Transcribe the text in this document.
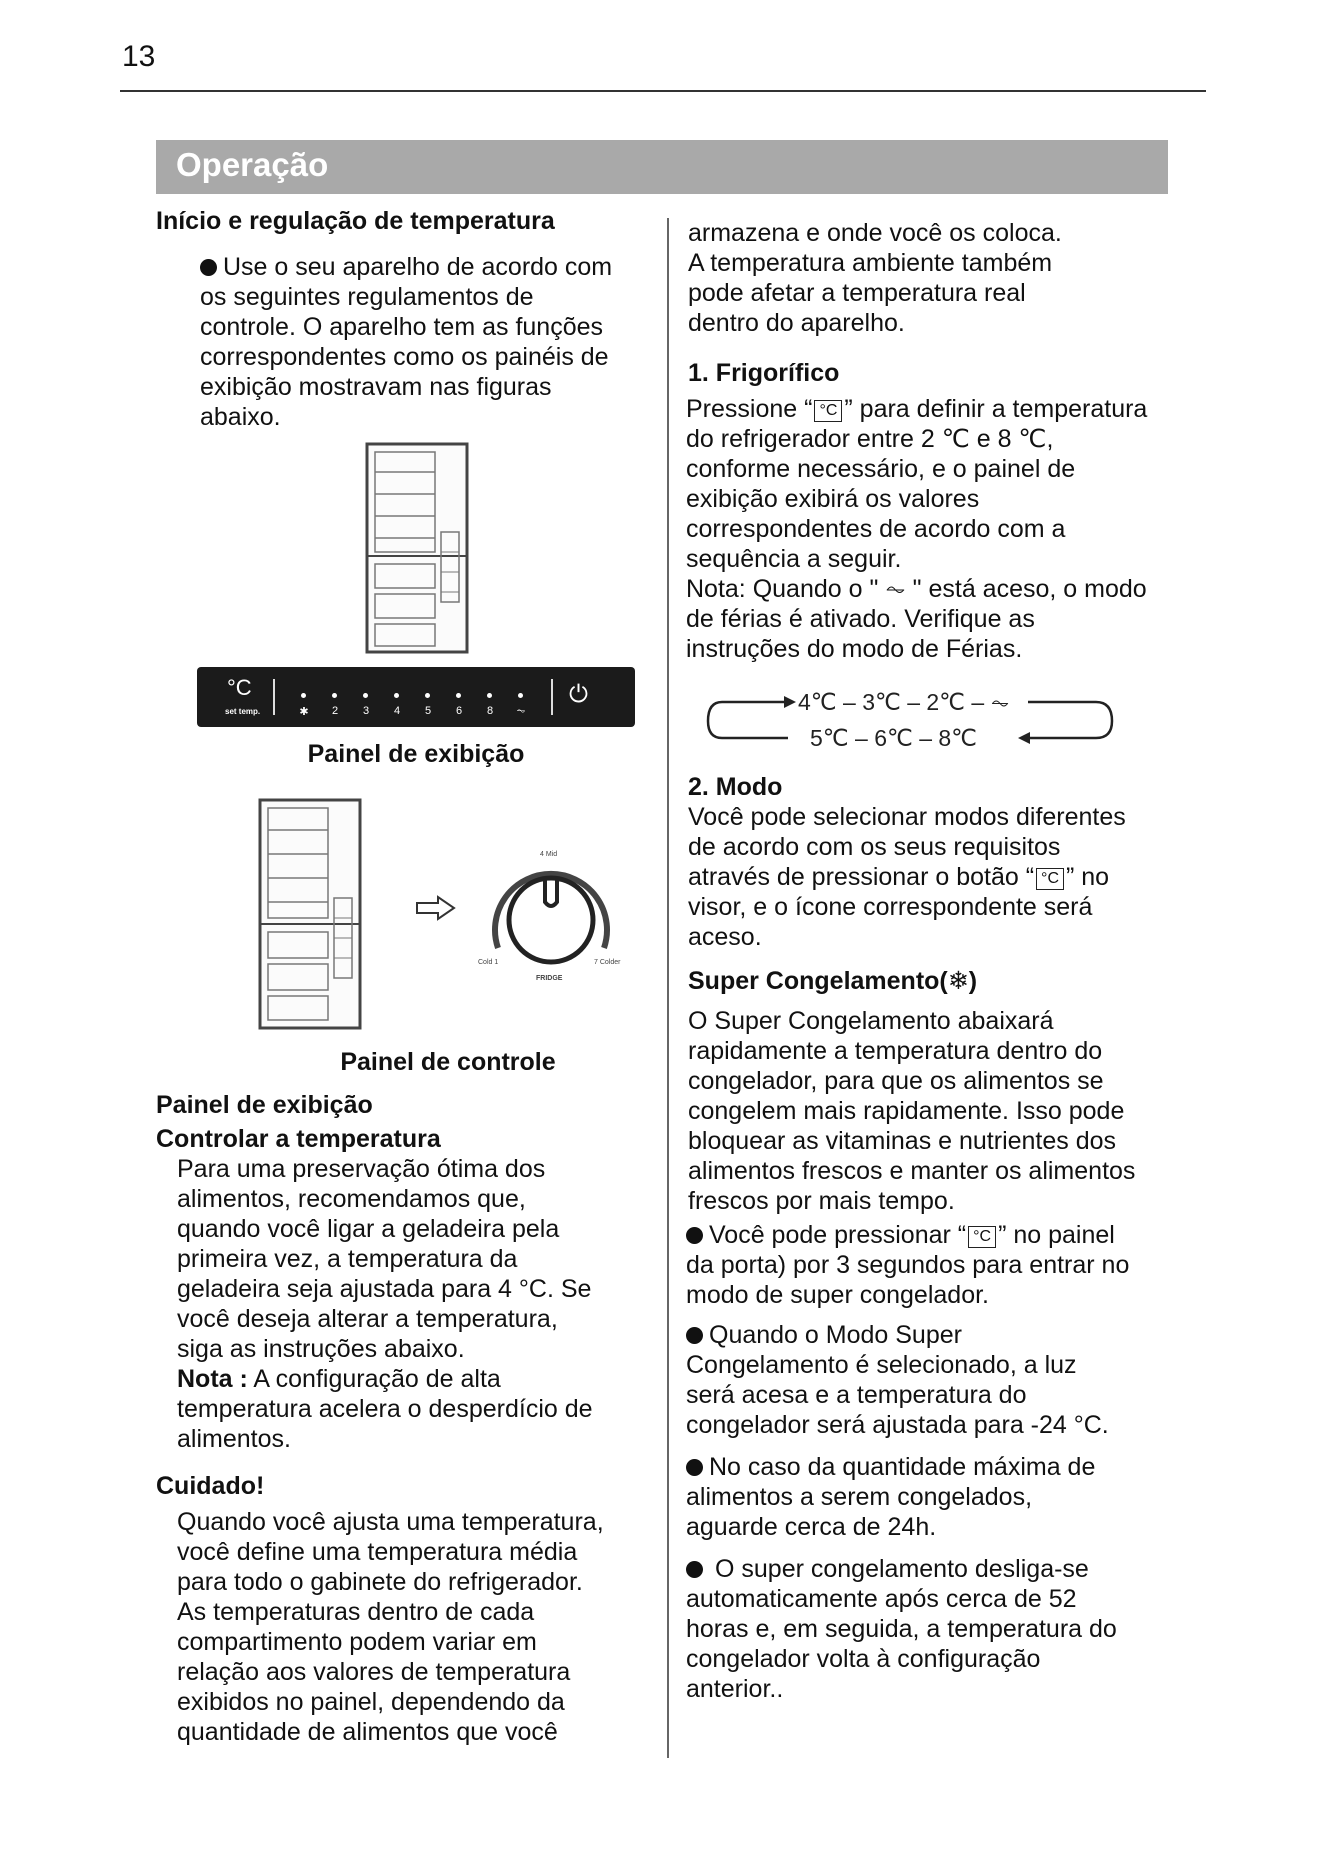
13
Operação
Início e regulação de temperatura
Use o seu aparelho de acordo com
os seguintes regulamentos de
controle. O aparelho tem as funções
correspondentes como os painéis de
exibição mostravam nas figuras
abaixo.
°C
set temp.	✱ 2 3 4 5 6 8 ⏦
⏻
Painel de exibição
4 Mid
Cold 1	7 Colder
FRIDGE
Painel de controle
Painel de exibição
Controlar a temperatura
Para uma preservação ótima dos
alimentos, recomendamos que,
quando você ligar a geladeira pela
primeira vez, a temperatura da
geladeira seja ajustada para 4 °C. Se
você deseja alterar a temperatura,
siga as instruções abaixo.
Nota : A configuração de alta
temperatura acelera o desperdício de
alimentos.
Cuidado!
Quando você ajusta uma temperatura,
você define uma temperatura média
para todo o gabinete do refrigerador.
As temperaturas dentro de cada
compartimento podem variar em
relação aos valores de temperatura
exibidos no painel, dependendo da
quantidade de alimentos que você
armazena e onde você os coloca.
A temperatura ambiente também
pode afetar a temperatura real
dentro do aparelho.
1. Frigorífico
Pressione “ °C ” para definir a temperatura
do refrigerador entre 2 ℃ e 8 ℃,
conforme necessário, e o painel de
exibição exibirá os valores
correspondentes de acordo com a
sequência a seguir.
Nota: Quando o " ⏦ " está aceso, o modo
de férias é ativado. Verifique as
instruções do modo de Férias.
4℃ – 3℃ – 2℃ – ⏦
5℃ – 6℃ – 8℃
2. Modo
Você pode selecionar modos diferentes
de acordo com os seus requisitos
através de pressionar o botão “ °C ” no
visor, e o ícone correspondente será
aceso.
Super Congelamento(❄)
O Super Congelamento abaixará
rapidamente a temperatura dentro do
congelador, para que os alimentos se
congelem mais rapidamente. Isso pode
bloquear as vitaminas e nutrientes dos
alimentos frescos e manter os alimentos
frescos por mais tempo.
Você pode pressionar “ °C ” no painel
da porta) por 3 segundos para entrar no
modo de super congelador.
Quando o Modo Super
Congelamento é selecionado, a luz
será acesa e a temperatura do
congelador será ajustada para -24 °C.
No caso da quantidade máxima de
alimentos a serem congelados,
aguarde cerca de 24h.
O super congelamento desliga-se
automaticamente após cerca de 52
horas e, em seguida, a temperatura do
congelador volta à configuração
anterior..
